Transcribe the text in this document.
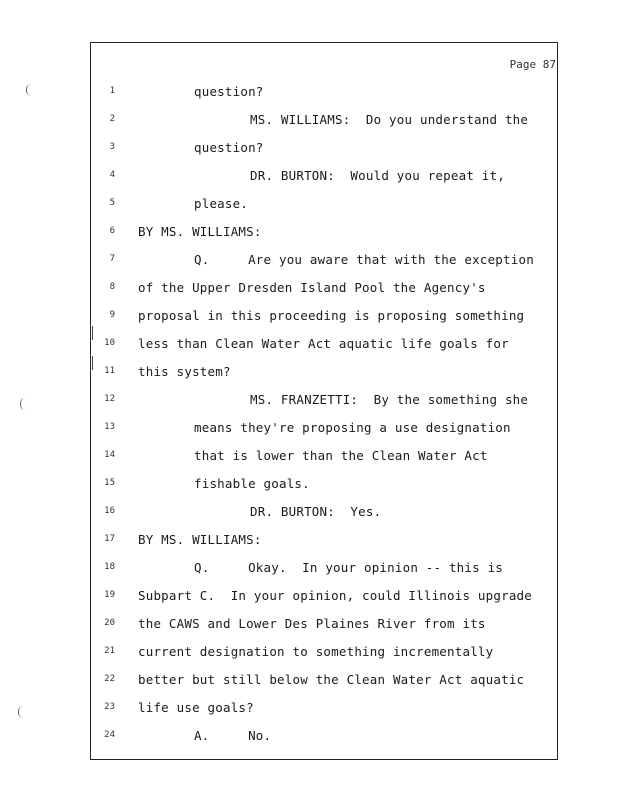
Page 87
1	question?
2	MS. WILLIAMS:  Do you understand the
3	question?
4	DR. BURTON:  Would you repeat it,
5	please.
6 BY MS. WILLIAMS:
7	Q.     Are you aware that with the exception
8 of the Upper Dresden Island Pool the Agency's
9 proposal in this proceeding is proposing something
10 less than Clean Water Act aquatic life goals for
11 this system?
12	MS. FRANZETTI:  By the something she
13	means they're proposing a use designation
14	that is lower than the Clean Water Act
15	fishable goals.
16	DR. BURTON:  Yes.
17 BY MS. WILLIAMS:
18	Q.     Okay.  In your opinion -- this is
19 Subpart C.  In your opinion, could Illinois upgrade
20 the CAWS and Lower Des Plaines River from its
21 current designation to something incrementally
22 better but still below the Clean Water Act aquatic
23 life use goals?
24	A.     No.
